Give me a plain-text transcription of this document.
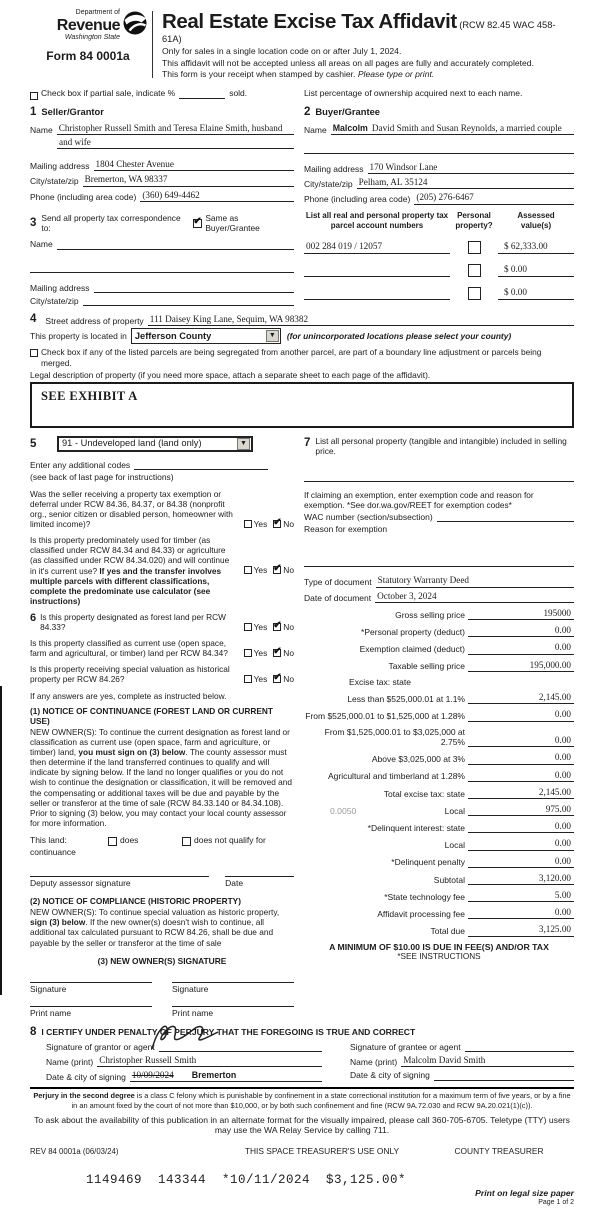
Department of
Revenue
Washington State
Form 84 0001a
Real Estate Excise Tax Affidavit (RCW 82.45 WAC 458-61A)
Only for sales in a single location code on or after July 1, 2024.
This affidavit will not be accepted unless all areas on all pages are fully and accurately completed.
This form is your receipt when stamped by cashier. Please type or print.
Check box if partial sale, indicate %	sold.	List percentage of ownership acquired next to each name.
1 Seller/Grantor
Name Christopher Russell Smith and Teresa Elaine Smith, husband
and wife
Mailing address 1804 Chester Avenue
City/state/zip Bremerton, WA 98337
Phone (including area code) (360) 649-4462
2 Buyer/Grantee
Name Malcolm David Smith and Susan Reynolds, a married couple
Mailing address 170 Windsor Lane
City/state/zip Pelham, AL 35124
Phone (including area code) (205) 276-6467
3 Send all property tax correspondence to:
✔
Same as Buyer/Grantee
Name
Mailing address
City/state/zip
List all real and personal property tax
parcel account numbers
Personal
property?
Assessed
value(s)
002 284 019 / 12057	$ 62,333.00
$ 0.00
$ 0.00
4 Street address of property 111 Daisey King Lane, Sequim, WA 98382
This property is located in Jefferson County	▼	(for unincorporated locations please select your county)
Check box if any of the listed parcels are being segregated from another parcel, are part of a boundary line adjustment or parcels being merged.
Legal description of property (if you need more space, attach a separate sheet to each page of the affidavit).
SEE EXHIBIT A
5	91 - Undeveloped land (land only)	▼
Enter any additional codes
(see back of last page for instructions)
Was the seller receiving a property tax exemption or deferral under RCW 84.36, 84.37, or 84.38 (nonprofit org., senior citizen or disabled person, homeowner with limited income)?	Yes ✔ No
Is this property predominately used for timber (as classified under RCW 84.34 and 84.33) or agriculture (as classified under RCW 84.34.020) and will continue in it's current use? If yes and the transfer involves multiple parcels with different classifications, complete the predominate use calculator (see instructions)
Yes ✔ No
6 Is this property designated as forest land per RCW 84.33?	Yes ✔ No
Is this property classified as current use (open space, farm and agricultural, or timber) land per RCW 84.34?	Yes ✔ No
Is this property receiving special valuation as historical property per RCW 84.26?	Yes ✔ No
If any answers are yes, complete as instructed below.
(1) NOTICE OF CONTINUANCE (FOREST LAND OR CURRENT USE)
NEW OWNER(S): To continue the current designation as forest land or classification as current use (open space, farm and agriculture, or timber) land, you must sign on (3) below. The county assessor must then determine if the land transferred continues to qualify and will indicate by signing below. If the land no longer qualifies or you do not wish to continue the designation or classification, it will be removed and the compensating or additional taxes will be due and payable by the seller or transferor at the time of sale (RCW 84.33.140 or 84.34.108). Prior to signing (3) below, you may contact your local county assessor for more information.
This land:	does	does not qualify for
continuance
Deputy assessor signature	Date
(2) NOTICE OF COMPLIANCE (HISTORIC PROPERTY)
NEW OWNER(S): To continue special valuation as historic property, sign (3) below. If the new owner(s) doesn't wish to continue, all additional tax calculated pursuant to RCW 84.26, shall be due and payable by the seller or transferor at the time of sale
(3) NEW OWNER(S) SIGNATURE
Signature	Signature
Print name	Print name
7 List all personal property (tangible and intangible) included in selling price.
If claiming an exemption, enter exemption code and reason for exemption. *See dor.wa.gov/REET for exemption codes*
WAC number (section/subsection)
Reason for exemption
Type of document Statutory Warranty Deed
Date of document October 3, 2024
Gross selling price	195000
*Personal property (deduct)	0.00
Exemption claimed (deduct)	0.00
Taxable selling price	195,000.00
Excise tax: state
Less than $525,000.01 at 1.1%	2,145.00
From $525,000.01 to $1,525,000 at 1.28%	0.00
From $1,525,000.01 to $3,025,000 at 2.75%	0.00
Above $3,025,000 at 3%	0.00
Agricultural and timberland at 1.28%	0.00
Total excise tax: state	2,145.00
0.0050	Local	975.00
*Delinquent interest: state	0.00
Local	0.00
*Delinquent penalty	0.00
Subtotal	3,120.00
*State technology fee	5.00
Affidavit processing fee	0.00
Total due	3,125.00
A MINIMUM OF $10.00 IS DUE IN FEE(S) AND/OR TAX
*SEE INSTRUCTIONS
8 I CERTIFY UNDER PENALTY OF PERJURY THAT THE FOREGOING IS TRUE AND CORRECT
Signature of grantor or agent
Name (print) Christopher Russell Smith
Date & city of signing 10/09/2024 Bremerton
Signature of grantee or agent
Name (print) Malcolm David Smith
Date & city of signing
Perjury in the second degree is a class C felony which is punishable by confinement in a state correctional institution for a maximum term of five years, or by a fine in an amount fixed by the court of not more than $10,000, or by both such confinement and fine (RCW 9A.72.030 and RCW 9A.20.021(1)(c)).
To ask about the availability of this publication in an alternate format for the visually impaired, please call 360-705-6705. Teletype (TTY) users may use the WA Relay Service by calling 711.
REV 84 0001a (06/03/24)	THIS SPACE TREASURER'S USE ONLY	COUNTY TREASURER
1149469  143344  *10/11/2024  $3,125.00*
Print on legal size paper
Page 1 of 2
